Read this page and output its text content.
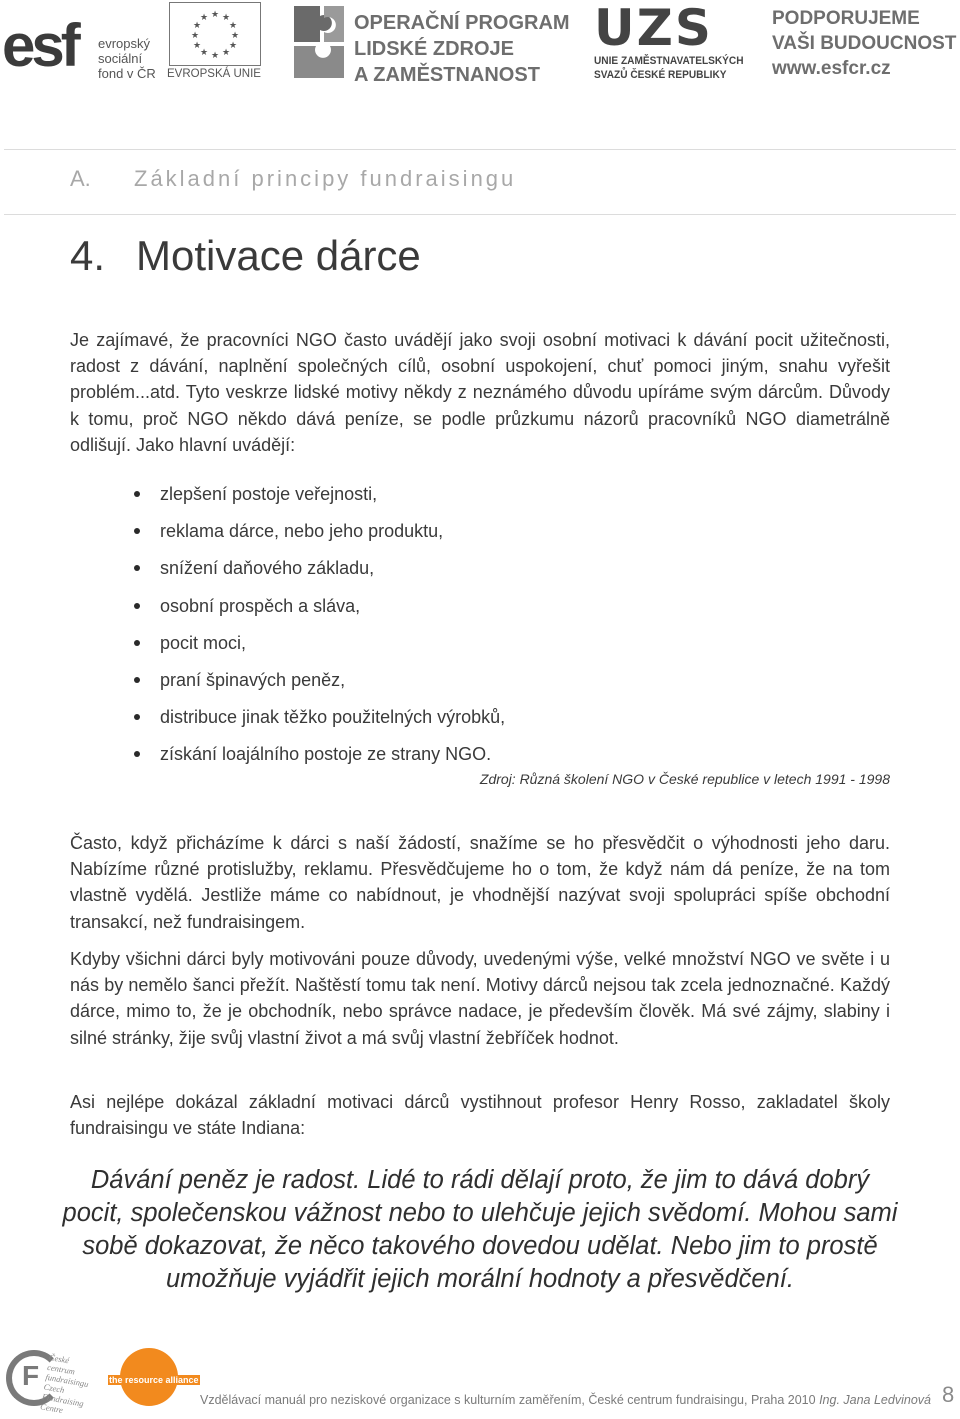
esf evropský
sociální
fond v ČR
★ ★
★
★
★
★
★
★
★
★
★
★
EVROPSKÁ UNIE
OPERAČNÍ PROGRAM
LIDSKÉ ZDROJE
A ZAMĚSTNANOST
UZS
UNIE ZAMĚSTNAVATELSKÝCH
SVAZŮ ČESKÉ REPUBLIKY
PODPORUJEME
VAŠI BUDOUCNOST
www.esfcr.cz
A. Základní principy fundraisingu
4. Motivace dárce

Je zajímavé, že pracovníci NGO často uvádějí jako svoji osobní motivaci k dávání pocit užitečnosti, radost z dávání, naplnění společných cílů, osobní uspokojení, chuť pomoci jiným, snahu vyřešit problém...atd. Tyto veskrze lidské motivy někdy z neznámého důvodu upíráme svým dárcům. Důvody k tomu, proč NGO někdo dává peníze, se podle průzkumu názorů pracovníků NGO diametrálně odlišují. Jako hlavní uvádějí:

zlepšení postoje veřejnosti,
reklama dárce, nebo jeho produktu,
snížení daňového základu,
osobní prospěch a sláva,
pocit moci,
praní špinavých peněz,
distribuce jinak těžko použitelných výrobků,
získání loajálního postoje ze strany NGO.
Zdroj: Různá školení NGO v České republice v letech 1991 - 1998

Často, když přicházíme k dárci s naší žádostí, snažíme se ho přesvědčit o výhodnosti jeho daru. Nabízíme různé protislužby, reklamu. Přesvědčujeme ho o tom, že když nám dá peníze, že na tom vlastně vydělá. Jestliže máme co nabídnout, je vhodnější nazývat svoji spolupráci spíše obchodní transakcí, než fundraisingem.

Kdyby všichni dárci byly motivováni pouze důvody, uvedenými výše, velké množství NGO ve světe i u nás by nemělo šanci přežít. Naštěstí tomu tak není. Motivy dárců nejsou tak zcela jednoznačné. Každý dárce, mimo to, že je obchodník, nebo správce nadace, je především člověk. Má své zájmy, slabiny i silné stránky, žije svůj vlastní život a má svůj vlastní žebříček hodnot.

Asi nejlépe dokázal základní motivaci dárců vystihnout profesor Henry Rosso, zakladatel školy fundraisingu ve státe Indiana:

Dávání peněz je radost. Lidé to rádi dělají proto, že jim to dává dobrý pocit, společenskou vážnost nebo to ulehčuje jejich svědomí. Mohou sami sobě dokazovat, že něco takového dovedou udělat. Nebo jim to prostě umožňuje vyjádřit jejich morální hodnoty a přesvědčení.

F
České centrum fundraisingu Czech Fundraising Centre
the resource alliance
Vzdělávací manuál pro neziskové organizace s kulturním zaměřením, České centrum fundraisingu, Praha 2010 Ing. Jana Ledvinová 8
